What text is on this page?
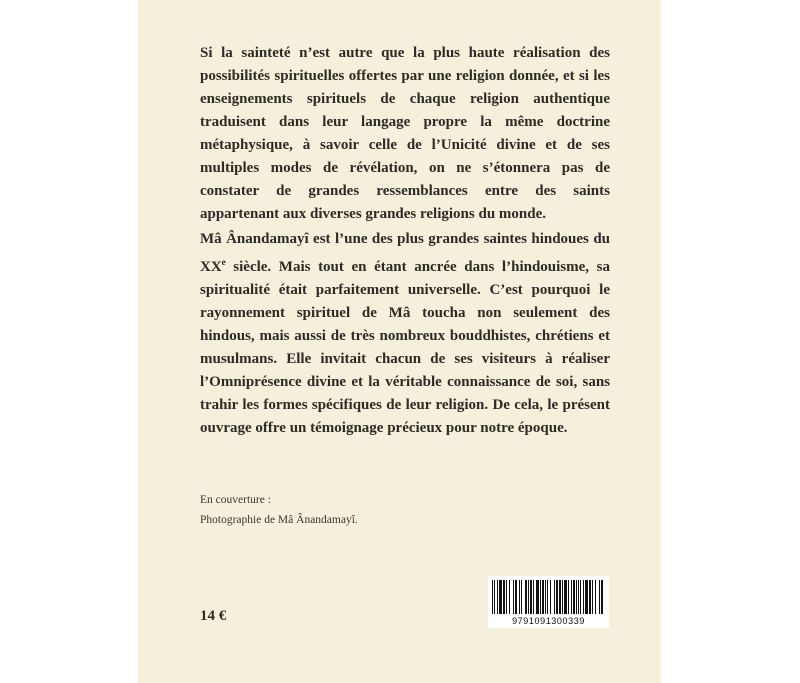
Si la sainteté n’est autre que la plus haute réalisation des possibilités spirituelles offertes par une religion donnée, et si les enseignements spirituels de chaque religion authentique traduisent dans leur langage propre la même doctrine métaphysique, à savoir celle de l’Unicité divine et de ses multiples modes de révélation, on ne s’étonnera pas de constater de grandes ressemblances entre des saints appartenant aux diverses grandes religions du monde.

Mâ Ânandamayî est l’une des plus grandes saintes hindoues du XXe siècle. Mais tout en étant ancrée dans l’hindouisme, sa spiritualité était parfaitement universelle. C’est pourquoi le rayonnement spirituel de Mâ toucha non seulement des hindous, mais aussi de très nombreux bouddhistes, chrétiens et musulmans. Elle invitait chacun de ses visiteurs à réaliser l’Omniprésence divine et la véritable connaissance de soi, sans trahir les formes spécifiques de leur religion. De cela, le présent ouvrage offre un témoignage précieux pour notre époque.

En couverture :
Photographie de Mâ Ânandamayî.
14 €	9791091300339
